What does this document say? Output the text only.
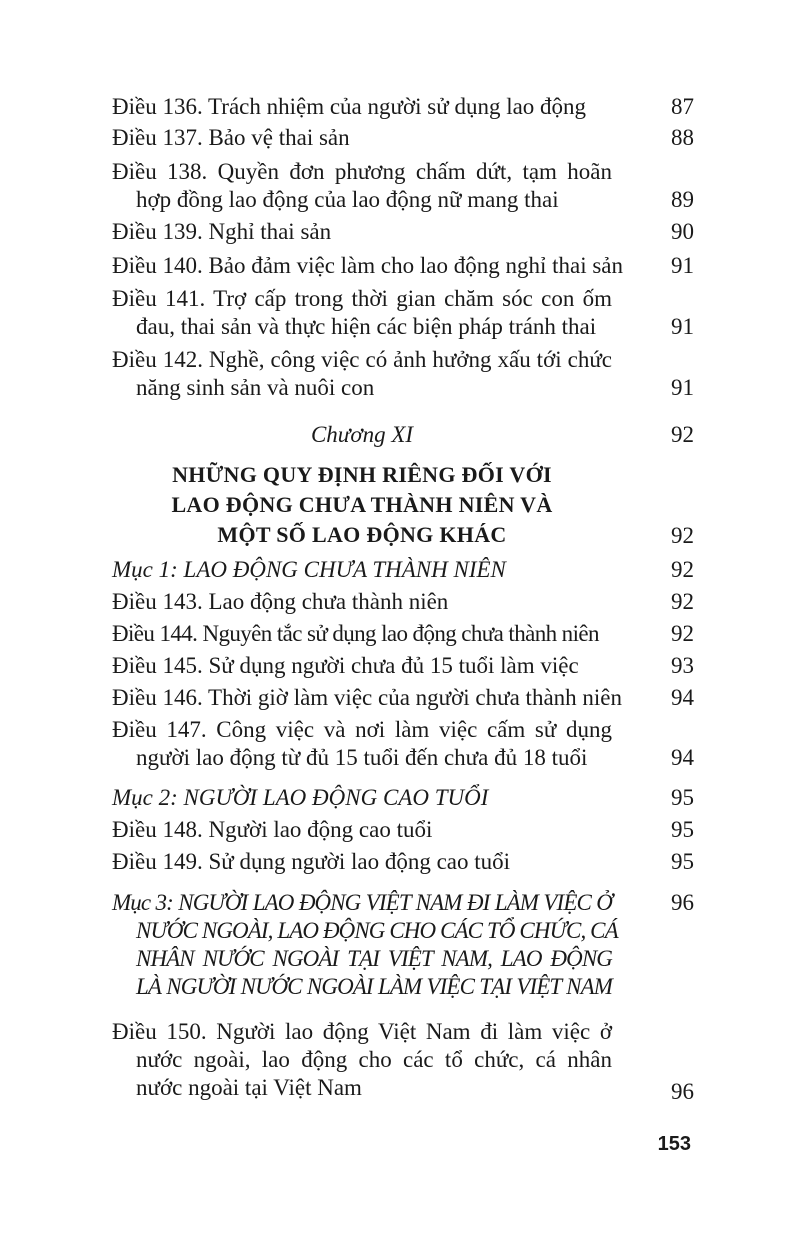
Điều 136. Trách nhiệm của người sử dụng lao động	87
Điều 137. Bảo vệ thai sản	88
Điều 138. Quyền đơn phương chấm dứt, tạm hoãn
hợp đồng lao động của lao động nữ mang thai	89
Điều 139. Nghỉ thai sản	90
Điều 140. Bảo đảm việc làm cho lao động nghỉ thai sản	91
Điều 141. Trợ cấp trong thời gian chăm sóc con ốm
đau, thai sản và thực hiện các biện pháp tránh thai	91
Điều 142. Nghề, công việc có ảnh hưởng xấu tới chức
năng sinh sản và nuôi con	91
Chương XI	92
NHỮNG QUY ĐỊNH RIÊNG ĐỐI VỚI
LAO ĐỘNG CHƯA THÀNH NIÊN VÀ
MỘT SỐ LAO ĐỘNG KHÁC	92
Mục 1: LAO ĐỘNG CHƯA THÀNH NIÊN	92
Điều 143. Lao động chưa thành niên	92
Điều 144. Nguyên tắc sử dụng lao động chưa thành niên	92
Điều 145. Sử dụng người chưa đủ 15 tuổi làm việc	93
Điều 146. Thời giờ làm việc của người chưa thành niên	94
Điều 147. Công việc và nơi làm việc cấm sử dụng
người lao động từ đủ 15 tuổi đến chưa đủ 18 tuổi	94
Mục 2: NGƯỜI LAO ĐỘNG CAO TUỔI	95
Điều 148. Người lao động cao tuổi	95
Điều 149. Sử dụng người lao động cao tuổi	95
Mục 3: NGƯỜI LAO ĐỘNG VIỆT NAM ĐI LÀM VIỆC Ở
NƯỚC NGOÀI, LAO ĐỘNG CHO CÁC TỔ CHỨC, CÁ
NHÂN NƯỚC NGOÀI TẠI VIỆT NAM, LAO ĐỘNG
LÀ NGƯỜI NƯỚC NGOÀI LÀM VIỆC TẠI VIỆT NAM
96
Điều 150. Người lao động Việt Nam đi làm việc ở
nước ngoài, lao động cho các tổ chức, cá nhân
nước ngoài tại Việt Nam	96
153
